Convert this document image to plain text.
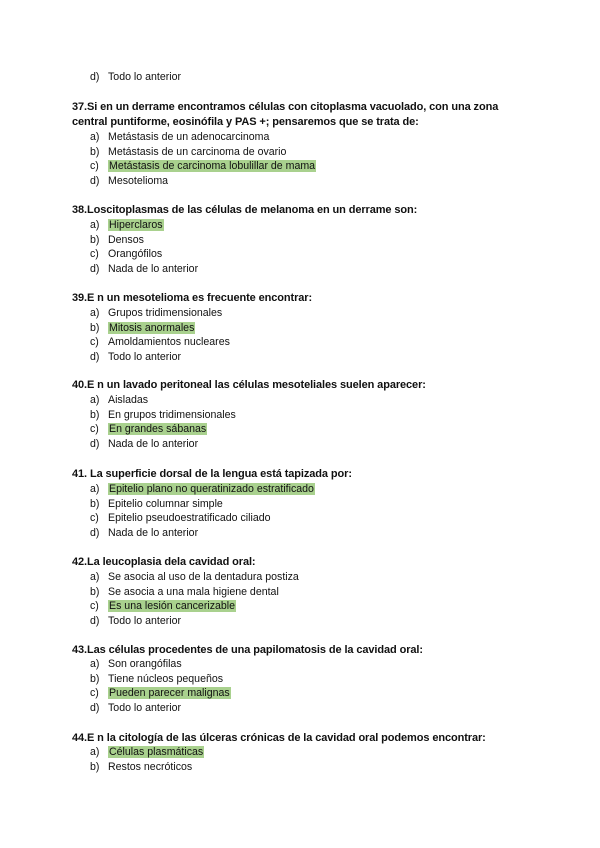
d) Todo lo anterior
37.Si en un derrame encontramos células con citoplasma vacuolado, con una zona central puntiforme, eosinófila y PAS +; pensaremos que se trata de:
a) Metástasis de un adenocarcinoma
b) Metástasis de un carcinoma de ovario
c) Metástasis de carcinoma lobulillar de mama
d) Mesotelioma
38.Loscitoplasmas de las células de melanoma en un derrame son:
a) Hiperclaros
b) Densos
c) Orangófilos
d) Nada de lo anterior
39.E n un mesotelioma es frecuente encontrar:
a) Grupos tridimensionales
b) Mitosis anormales
c) Amoldamientos nucleares
d) Todo lo anterior
40.E n un lavado peritoneal las células mesoteliales suelen aparecer:
a) Aisladas
b) En grupos tridimensionales
c) En grandes sábanas
d) Nada de lo anterior
41. La superficie dorsal de la lengua está tapizada por:
a) Epitelio plano no queratinizado estratificado
b) Epitelio columnar simple
c) Epitelio pseudoestratificado ciliado
d) Nada de lo anterior
42.La leucoplasia dela cavidad oral:
a) Se asocia al uso de la dentadura postiza
b) Se asocia a una mala higiene dental
c) Es una lesión cancerizable
d) Todo lo anterior
43.Las células procedentes de una papilomatosis de la cavidad oral:
a) Son orangófilas
b) Tiene núcleos pequeños
c) Pueden parecer malignas
d) Todo lo anterior
44.E n la citología de las úlceras crónicas de la cavidad oral podemos encontrar:
a) Células plasmáticas
b) Restos necróticos
